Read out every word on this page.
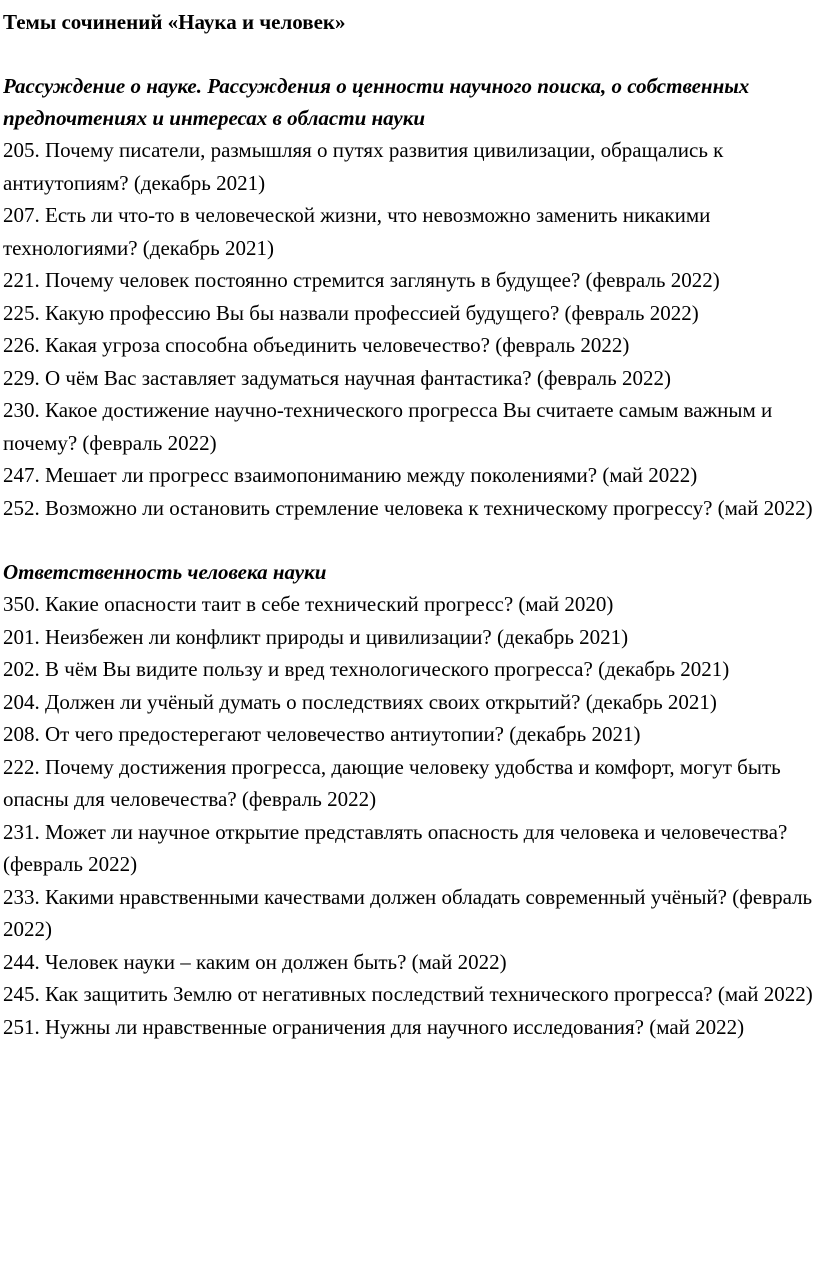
Темы сочинений «Наука и человек»
Рассуждение о науке. Рассуждения о ценности научного поиска, о собственных предпочтениях и интересах в области науки
205. Почему писатели, размышляя о путях развития цивилизации, обращались к антиутопиям? (декабрь 2021)
207. Есть ли что-то в человеческой жизни, что невозможно заменить никакими технологиями? (декабрь 2021)
221. Почему человек постоянно стремится заглянуть в будущее? (февраль 2022)
225. Какую профессию Вы бы назвали профессией будущего? (февраль 2022)
226. Какая угроза способна объединить человечество? (февраль 2022)
229. О чём Вас заставляет задуматься научная фантастика? (февраль 2022)
230. Какое достижение научно-технического прогресса Вы считаете самым важным и почему? (февраль 2022)
247. Мешает ли прогресс взаимопониманию между поколениями? (май 2022)
252. Возможно ли остановить стремление человека к техническому прогрессу? (май 2022)
Ответственность человека науки
350. Какие опасности таит в себе технический прогресс? (май 2020)
201. Неизбежен ли конфликт природы и цивилизации? (декабрь 2021)
202. В чём Вы видите пользу и вред технологического прогресса? (декабрь 2021)
204. Должен ли учёный думать о последствиях своих открытий? (декабрь 2021)
208. От чего предостерегают человечество антиутопии? (декабрь 2021)
222. Почему достижения прогресса, дающие человеку удобства и комфорт, могут быть опасны для человечества? (февраль 2022)
231. Может ли научное открытие представлять опасность для человека и человечества? (февраль 2022)
233. Какими нравственными качествами должен обладать современный учёный? (февраль 2022)
244. Человек науки – каким он должен быть? (май 2022)
245. Как защитить Землю от негативных последствий технического прогресса? (май 2022)
251. Нужны ли нравственные ограничения для научного исследования? (май 2022)
